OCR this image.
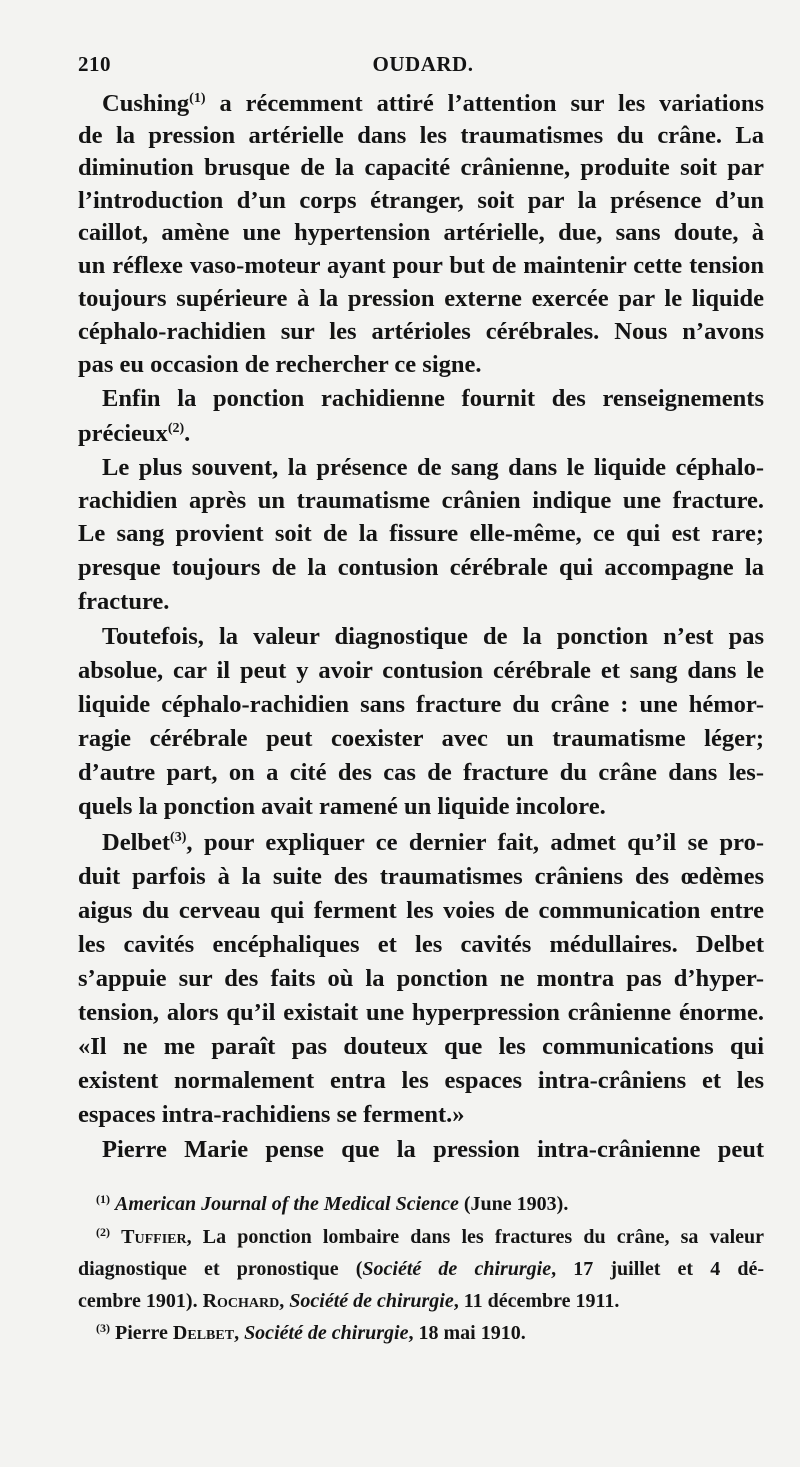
210	OUDARD.
Cushing$^{(1)}$ a récemment attiré l’attention sur les variations
de la pression artérielle dans les traumatismes du crâne. La
diminution brusque de la capacité crânienne, produite soit par
l’introduction d’un corps étranger, soit par la présence d’un
caillot, amène une hypertension artérielle, due, sans doute, à
un réflexe vaso-moteur ayant pour but de maintenir cette tension
toujours supérieure à la pression externe exercée par le liquide
céphalo-rachidien sur les artérioles cérébrales. Nous n’avons
pas eu occasion de rechercher ce signe.
Enfin la ponction rachidienne fournit des renseignements
précieux$^{(2)}$.
Le plus souvent, la présence de sang dans le liquide céphalo-
rachidien après un traumatisme crânien indique une fracture.
Le sang provient soit de la fissure elle-même, ce qui est rare;
presque toujours de la contusion cérébrale qui accompagne la
fracture.
Toutefois, la valeur diagnostique de la ponction n’est pas
absolue, car il peut y avoir contusion cérébrale et sang dans le
liquide céphalo-rachidien sans fracture du crâne : une hémor-
ragie cérébrale peut coexister avec un traumatisme léger;
d’autre part, on a cité des cas de fracture du crâne dans les-
quels la ponction avait ramené un liquide incolore.
Delbet$^{(3)}$, pour expliquer ce dernier fait, admet qu’il se pro-
duit parfois à la suite des traumatismes crâniens des œdèmes
aigus du cerveau qui ferment les voies de communication entre
les cavités encéphaliques et les cavités médullaires. Delbet
s’appuie sur des faits où la ponction ne montra pas d’hyper-
tension, alors qu’il existait une hyperpression crânienne énorme.
«Il ne me paraît pas douteux que les communications qui
existent normalement entra les espaces intra-crâniens et les
espaces intra-rachidiens se ferment.»
Pierre Marie pense que la pression intra-crânienne peut
$^{(1)}$ American Journal of the Medical Science (June 1903).
$^{(2)}$ Tuffier, La ponction lombaire dans les fractures du crâne, sa valeur
diagnostique et pronostique (Société de chirurgie, 17 juillet et 4 dé-
cembre 1901). Rochard, Société de chirurgie, 11 décembre 1911.
$^{(3)}$ Pierre Delbet, Société de chirurgie, 18 mai 1910.
